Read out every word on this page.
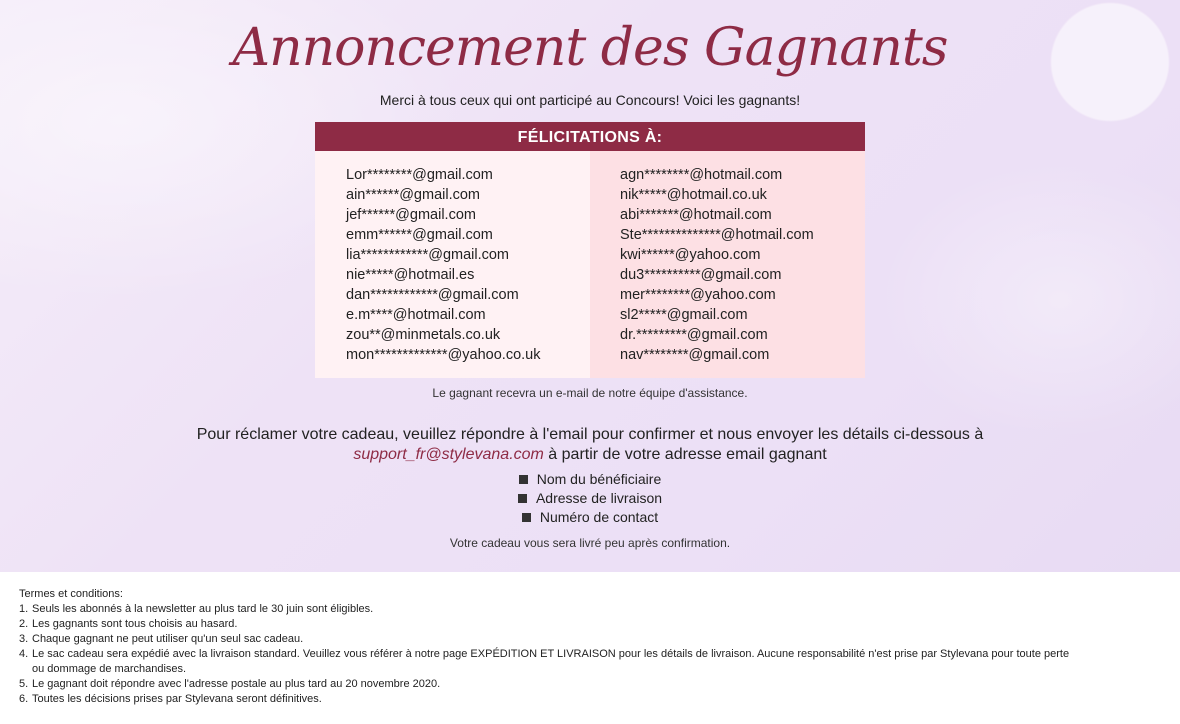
Annoncement des Gagnants
Merci à tous ceux qui ont participé au Concours! Voici les gagnants!
FÉLICITATIONS À:
Lor********@gmail.com
ain******@gmail.com
jef******@gmail.com
emm******@gmail.com
lia************@gmail.com
nie*****@hotmail.es
dan************@gmail.com
e.m****@hotmail.com
zou**@minmetals.co.uk
mon*************@yahoo.co.uk
agn********@hotmail.com
nik*****@hotmail.co.uk
abi*******@hotmail.com
Ste**************@hotmail.com
kwi******@yahoo.com
du3**********@gmail.com
mer********@yahoo.com
sl2*****@gmail.com
dr.*********@gmail.com
nav********@gmail.com
Le gagnant recevra un e-mail de notre équipe d'assistance.
Pour réclamer votre cadeau, veuillez répondre à l'email pour confirmer et nous envoyer les détails ci-dessous à
support_fr@stylevana.com à partir de votre adresse email gagnant
Nom du bénéficiaire
Adresse de livraison
Numéro de contact
Votre cadeau vous sera livré peu après confirmation.
Termes et conditions:
1. Seuls les abonnés à la newsletter au plus tard le 30 juin sont éligibles.
2. Les gagnants sont tous choisis au hasard.
3. Chaque gagnant ne peut utiliser qu'un seul sac cadeau.
4. Le sac cadeau sera expédié avec la livraison standard. Veuillez vous référer à notre page EXPÉDITION ET LIVRAISON pour les détails de livraison. Aucune responsabilité n'est prise par Stylevana pour toute perte ou dommage de marchandises.
5. Le gagnant doit répondre avec l'adresse postale au plus tard au 20 novembre 2020.
6. Toutes les décisions prises par Stylevana seront définitives.
